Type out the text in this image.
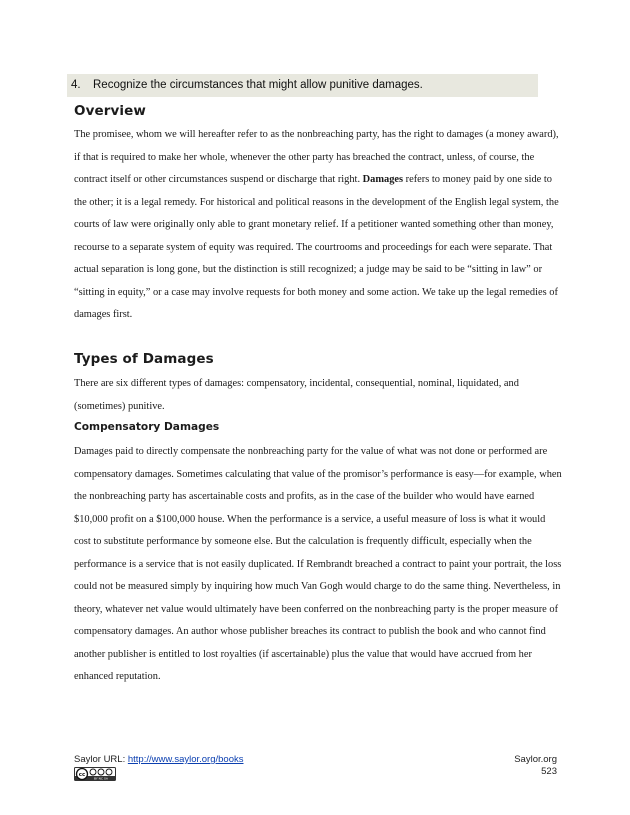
4. Recognize the circumstances that might allow punitive damages.
Overview

The promisee, whom we will hereafter refer to as the nonbreaching party, has the right to damages (a money award), if that is required to make her whole, whenever the other party has breached the contract, unless, of course, the contract itself or other circumstances suspend or discharge that right. Damages refers to money paid by one side to the other; it is a legal remedy. For historical and political reasons in the development of the English legal system, the courts of law were originally only able to grant monetary relief. If a petitioner wanted something other than money, recourse to a separate system of equity was required. The courtrooms and proceedings for each were separate. That actual separation is long gone, but the distinction is still recognized; a judge may be said to be “sitting in law” or “sitting in equity,” or a case may involve requests for both money and some action. We take up the legal remedies of damages first.

Types of Damages

There are six different types of damages: compensatory, incidental, consequential, nominal, liquidated, and (sometimes) punitive.

Compensatory Damages

Damages paid to directly compensate the nonbreaching party for the value of what was not done or performed are compensatory damages. Sometimes calculating that value of the promisor’s performance is easy—for example, when the nonbreaching party has ascertainable costs and profits, as in the case of the builder who would have earned $10,000 profit on a $100,000 house. When the performance is a service, a useful measure of loss is what it would cost to substitute performance by someone else. But the calculation is frequently difficult, especially when the performance is a service that is not easily duplicated. If Rembrandt breached a contract to paint your portrait, the loss could not be measured simply by inquiring how much Van Gogh would charge to do the same thing. Nevertheless, in theory, whatever net value would ultimately have been conferred on the nonbreaching party is the proper measure of compensatory damages. An author whose publisher breaches its contract to publish the book and who cannot find another publisher is entitled to lost royalties (if ascertainable) plus the value that would have accrued from her enhanced reputation.

Saylor URL: http://www.saylor.org/books
cc
BY NC SA
Saylor.org
523
